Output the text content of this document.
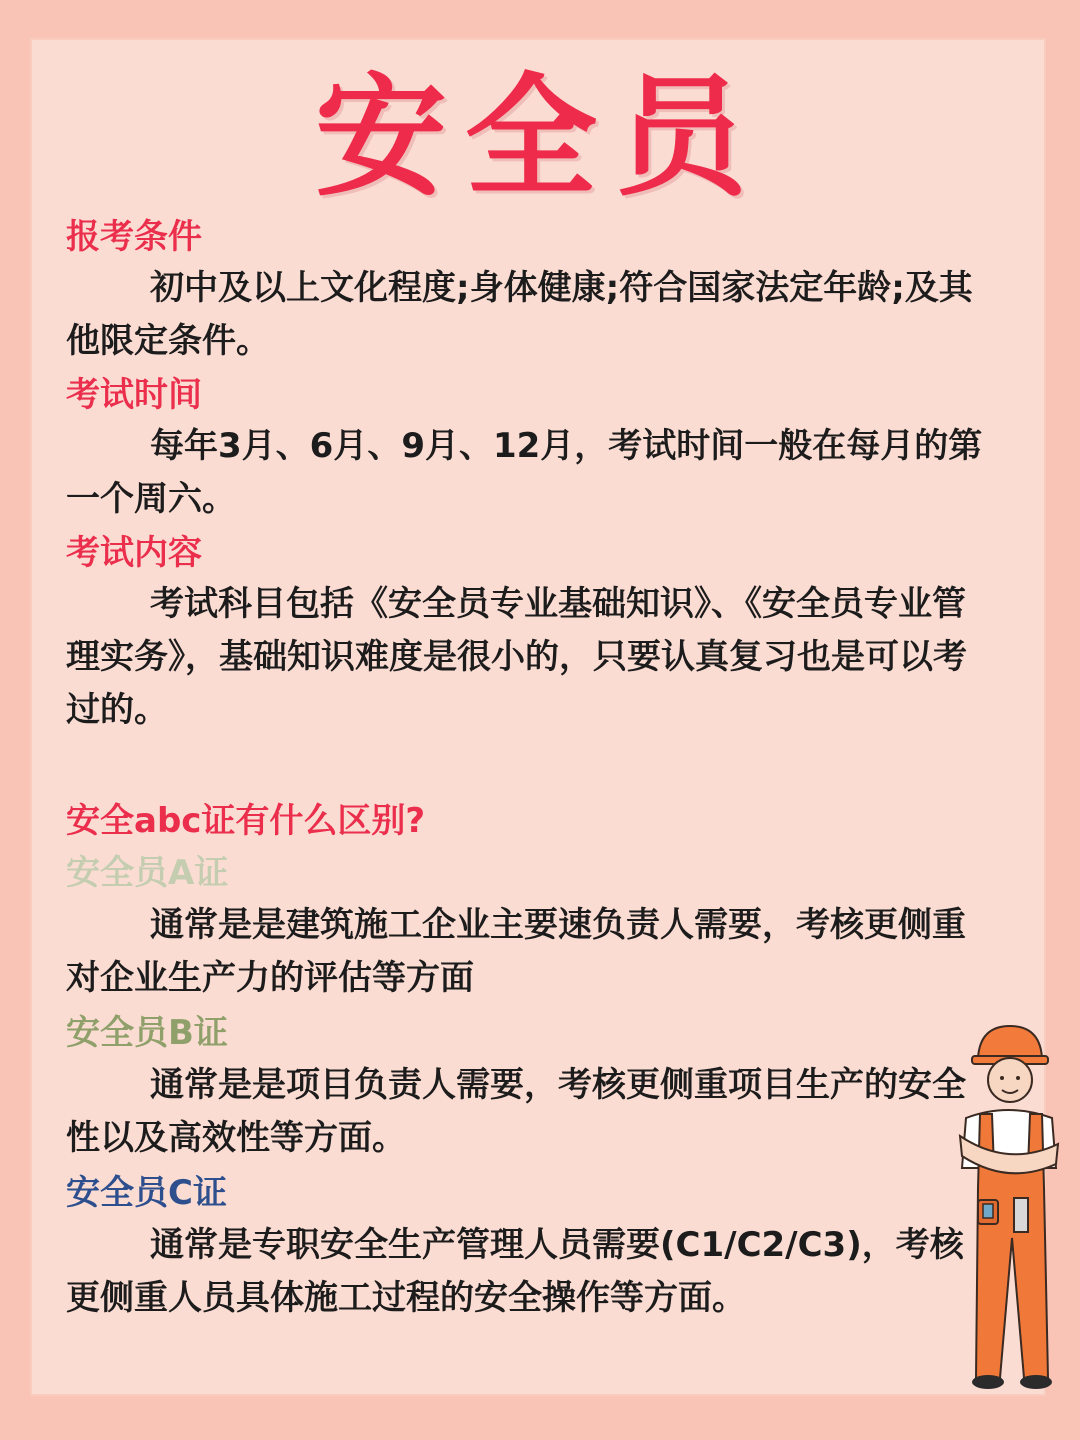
安全员

报考条件

初中及以上文化程度;身体健康;符合国家法定年龄;及其他限定条件。

考试时间

每年3月、6月、9月、12月，考试时间一般在每月的第一个周六。

考试内容

考试科目包括《安全员专业基础知识》、《安全员专业管理实务》，基础知识难度是很小的，只要认真复习也是可以考过的。

安全abc证有什么区别?

安全员A证

通常是是建筑施工企业主要速负责人需要，考核更侧重对企业生产力的评估等方面

安全员B证

通常是是项目负责人需要，考核更侧重项目生产的安全性以及高效性等方面。

安全员C证

通常是专职安全生产管理人员需要(C1/C2/C3)，考核更侧重人员具体施工过程的安全操作等方面。
